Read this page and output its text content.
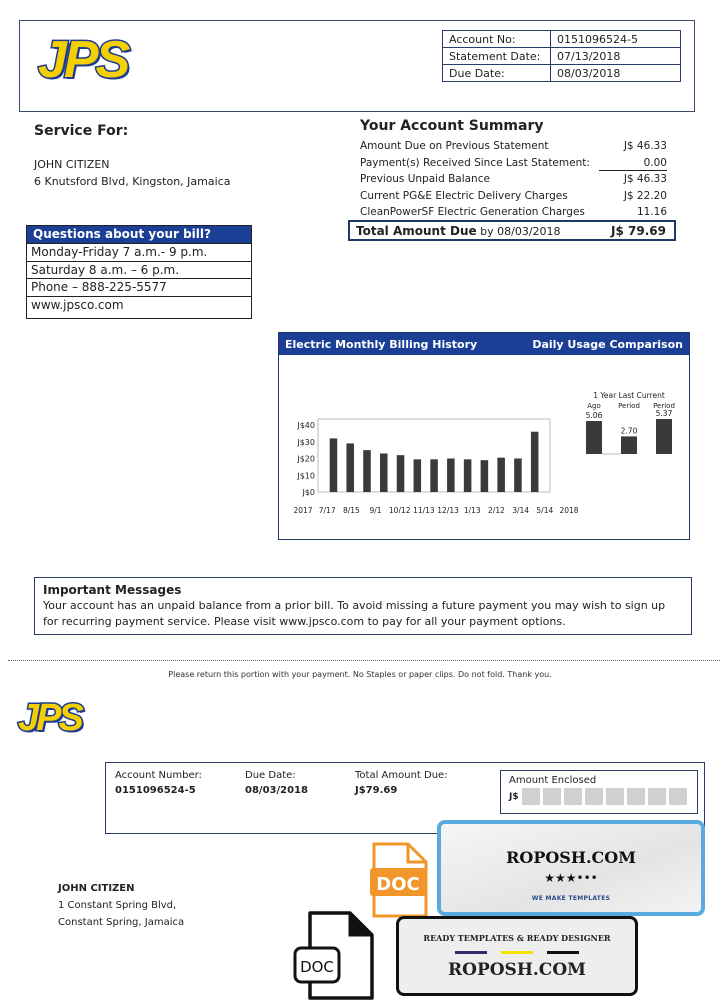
JPS	Account No:	0151096524-5
Statement Date:	07/13/2018
Due Date:	08/03/2018
Service For:
JOHN CITIZEN
6 Knutsford Blvd, Kingston, Jamaica
Questions about your bill?
Monday-Friday 7 a.m.- 9 p.m.
Saturday 8 a.m. – 6 p.m.
Phone – 888-225-5577
www.jpsco.com
Your Account Summary
Amount Due on Previous Statement	J$ 46.33
Payment(s) Received Since Last Statement:	0.00
Previous Unpaid Balance	J$ 46.33
Current PG&E Electric Delivery Charges	J$ 22.20
CleanPowerSF Electric Generation Charges	11.16
Total Amount Due by 08/03/2018	J$ 79.69
Electric Monthly Billing History	Daily Usage Comparison
J$0
J$10
J$20
J$30
J$40
2017 7/17 8/15 9/1 10/12 11/13 12/13 1/13 2/12 3/14 5/14 2018
1 Year Last Current
Ago Period Period
5.06
2.70
5.37
Important Messages
Your account has an unpaid balance from a prior bill. To avoid missing a future payment you may wish to sign up for recurring payment service. Please visit www.jpsco.com to pay for all your payment options.
Please return this portion with your payment. No Staples or paper clips. Do not fold. Thank you.
JPS
Account Number:
0151096524-5
Due Date:
08/03/2018
Total Amount Due:
J$79.69
Amount Enclosed
J$
JOHN CITIZEN
1 Constant Spring Blvd,
Constant Spring, Jamaica
DOC
ROPOSH.COM
★★★•••
WE MAKE TEMPLATES
DOC
READY TEMPLATES & READY DESIGNER
ROPOSH.COM
